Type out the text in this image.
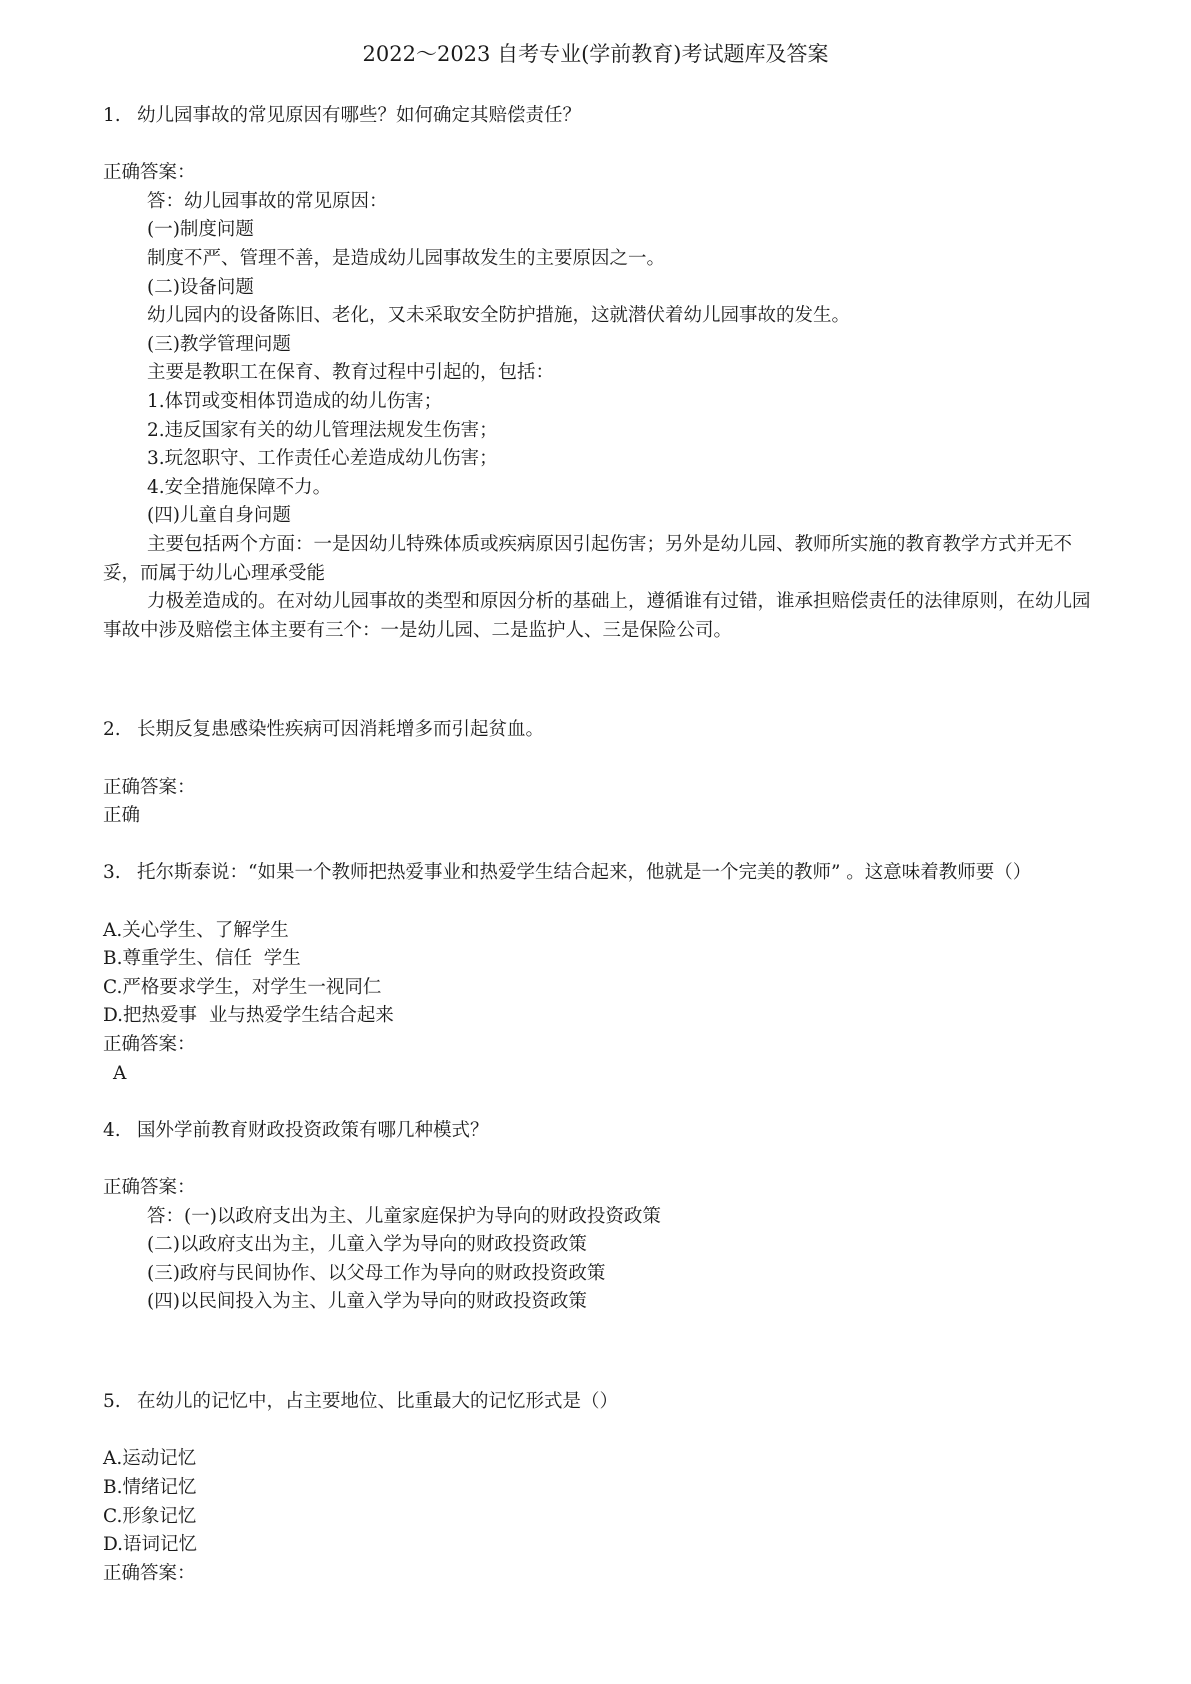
2022～2023 自考专业(学前教育)考试题库及答案

1. 幼儿园事故的常见原因有哪些？如何确定其赔偿责任？

正确答案：

答：幼儿园事故的常见原因：

(一)制度问题

制度不严、管理不善，是造成幼儿园事故发生的主要原因之一。

(二)设备问题

幼儿园内的设备陈旧、老化，又未采取安全防护措施，这就潜伏着幼儿园事故的发生。

(三)教学管理问题

主要是教职工在保育、教育过程中引起的，包括：

1.体罚或变相体罚造成的幼儿伤害；

2.违反国家有关的幼儿管理法规发生伤害；

3.玩忽职守、工作责任心差造成幼儿伤害；

4.安全措施保障不力。

(四)儿童自身问题

主要包括两个方面：一是因幼儿特殊体质或疾病原因引起伤害；另外是幼儿园、教师所实施的教育教学方式并无不妥，而属于幼儿心理承受能

力极差造成的。在对幼儿园事故的类型和原因分析的基础上，遵循谁有过错，谁承担赔偿责任的法律原则，在幼儿园事故中涉及赔偿主体主要有三个：一是幼儿园、二是监护人、三是保险公司。

2. 长期反复患感染性疾病可因消耗增多而引起贫血。

正确答案：

正确

3. 托尔斯泰说：“如果一个教师把热爱事业和热爱学生结合起来，他就是一个完美的教师” 。这意味着教师要（）

A.关心学生、了解学生

B.尊重学生、信任  学生

C.严格要求学生，对学生一视同仁

D.把热爱事  业与热爱学生结合起来

正确答案：

A

4. 国外学前教育财政投资政策有哪几种模式？

正确答案：

答：(一)以政府支出为主、儿童家庭保护为导向的财政投资政策

(二)以政府支出为主，儿童入学为导向的财政投资政策

(三)政府与民间协作、以父母工作为导向的财政投资政策

(四)以民间投入为主、儿童入学为导向的财政投资政策

5. 在幼儿的记忆中，占主要地位、比重最大的记忆形式是（）

A.运动记忆

B.情绪记忆

C.形象记忆

D.语词记忆

正确答案：
